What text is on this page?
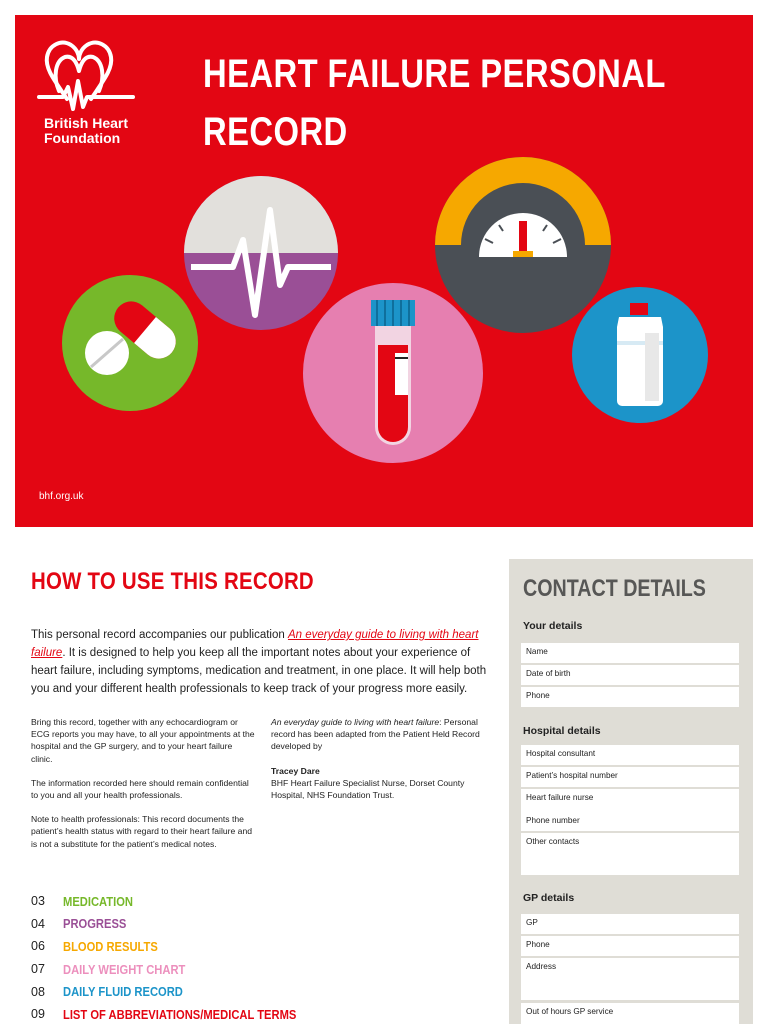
British Heart
Foundation
HEART FAILURE PERSONAL
RECORD
bhf.org.uk
HOW TO USE THIS RECORD

This personal record accompanies our publication An everyday guide to living with heart failure. It is designed to help you keep all the important notes about your experience of heart failure, including symptoms, medication and treatment, in one place. It will help both you and your different health professionals to keep track of your progress more easily.

Bring this record, together with any echocardiogram or ECG reports you may have, to all your appointments at the hospital and the GP surgery, and to your heart failure clinic.

The information recorded here should remain confidential to you and all your health professionals.

Note to health professionals: This record documents the patient’s health status with regard to their heart failure and is not a substitute for the patient’s medical notes.

An everyday guide to living with heart failure: Personal record has been adapted from the Patient Held Record developed by

Tracey Dare

BHF Heart Failure Specialist Nurse, Dorset County Hospital, NHS Foundation Trust.

03	MEDICATION
04	PROGRESS
06	BLOOD RESULTS
07	DAILY WEIGHT CHART
08	DAILY FLUID RECORD
09	LIST OF ABBREVIATIONS/MEDICAL TERMS
CONTACT DETAILS
Your details
Name
Date of birth
Phone
Hospital details
Hospital consultant
Patient’s hospital number
Heart failure nurse
Phone number
Other contacts
GP details
GP
Phone
Address
Out of hours GP service
